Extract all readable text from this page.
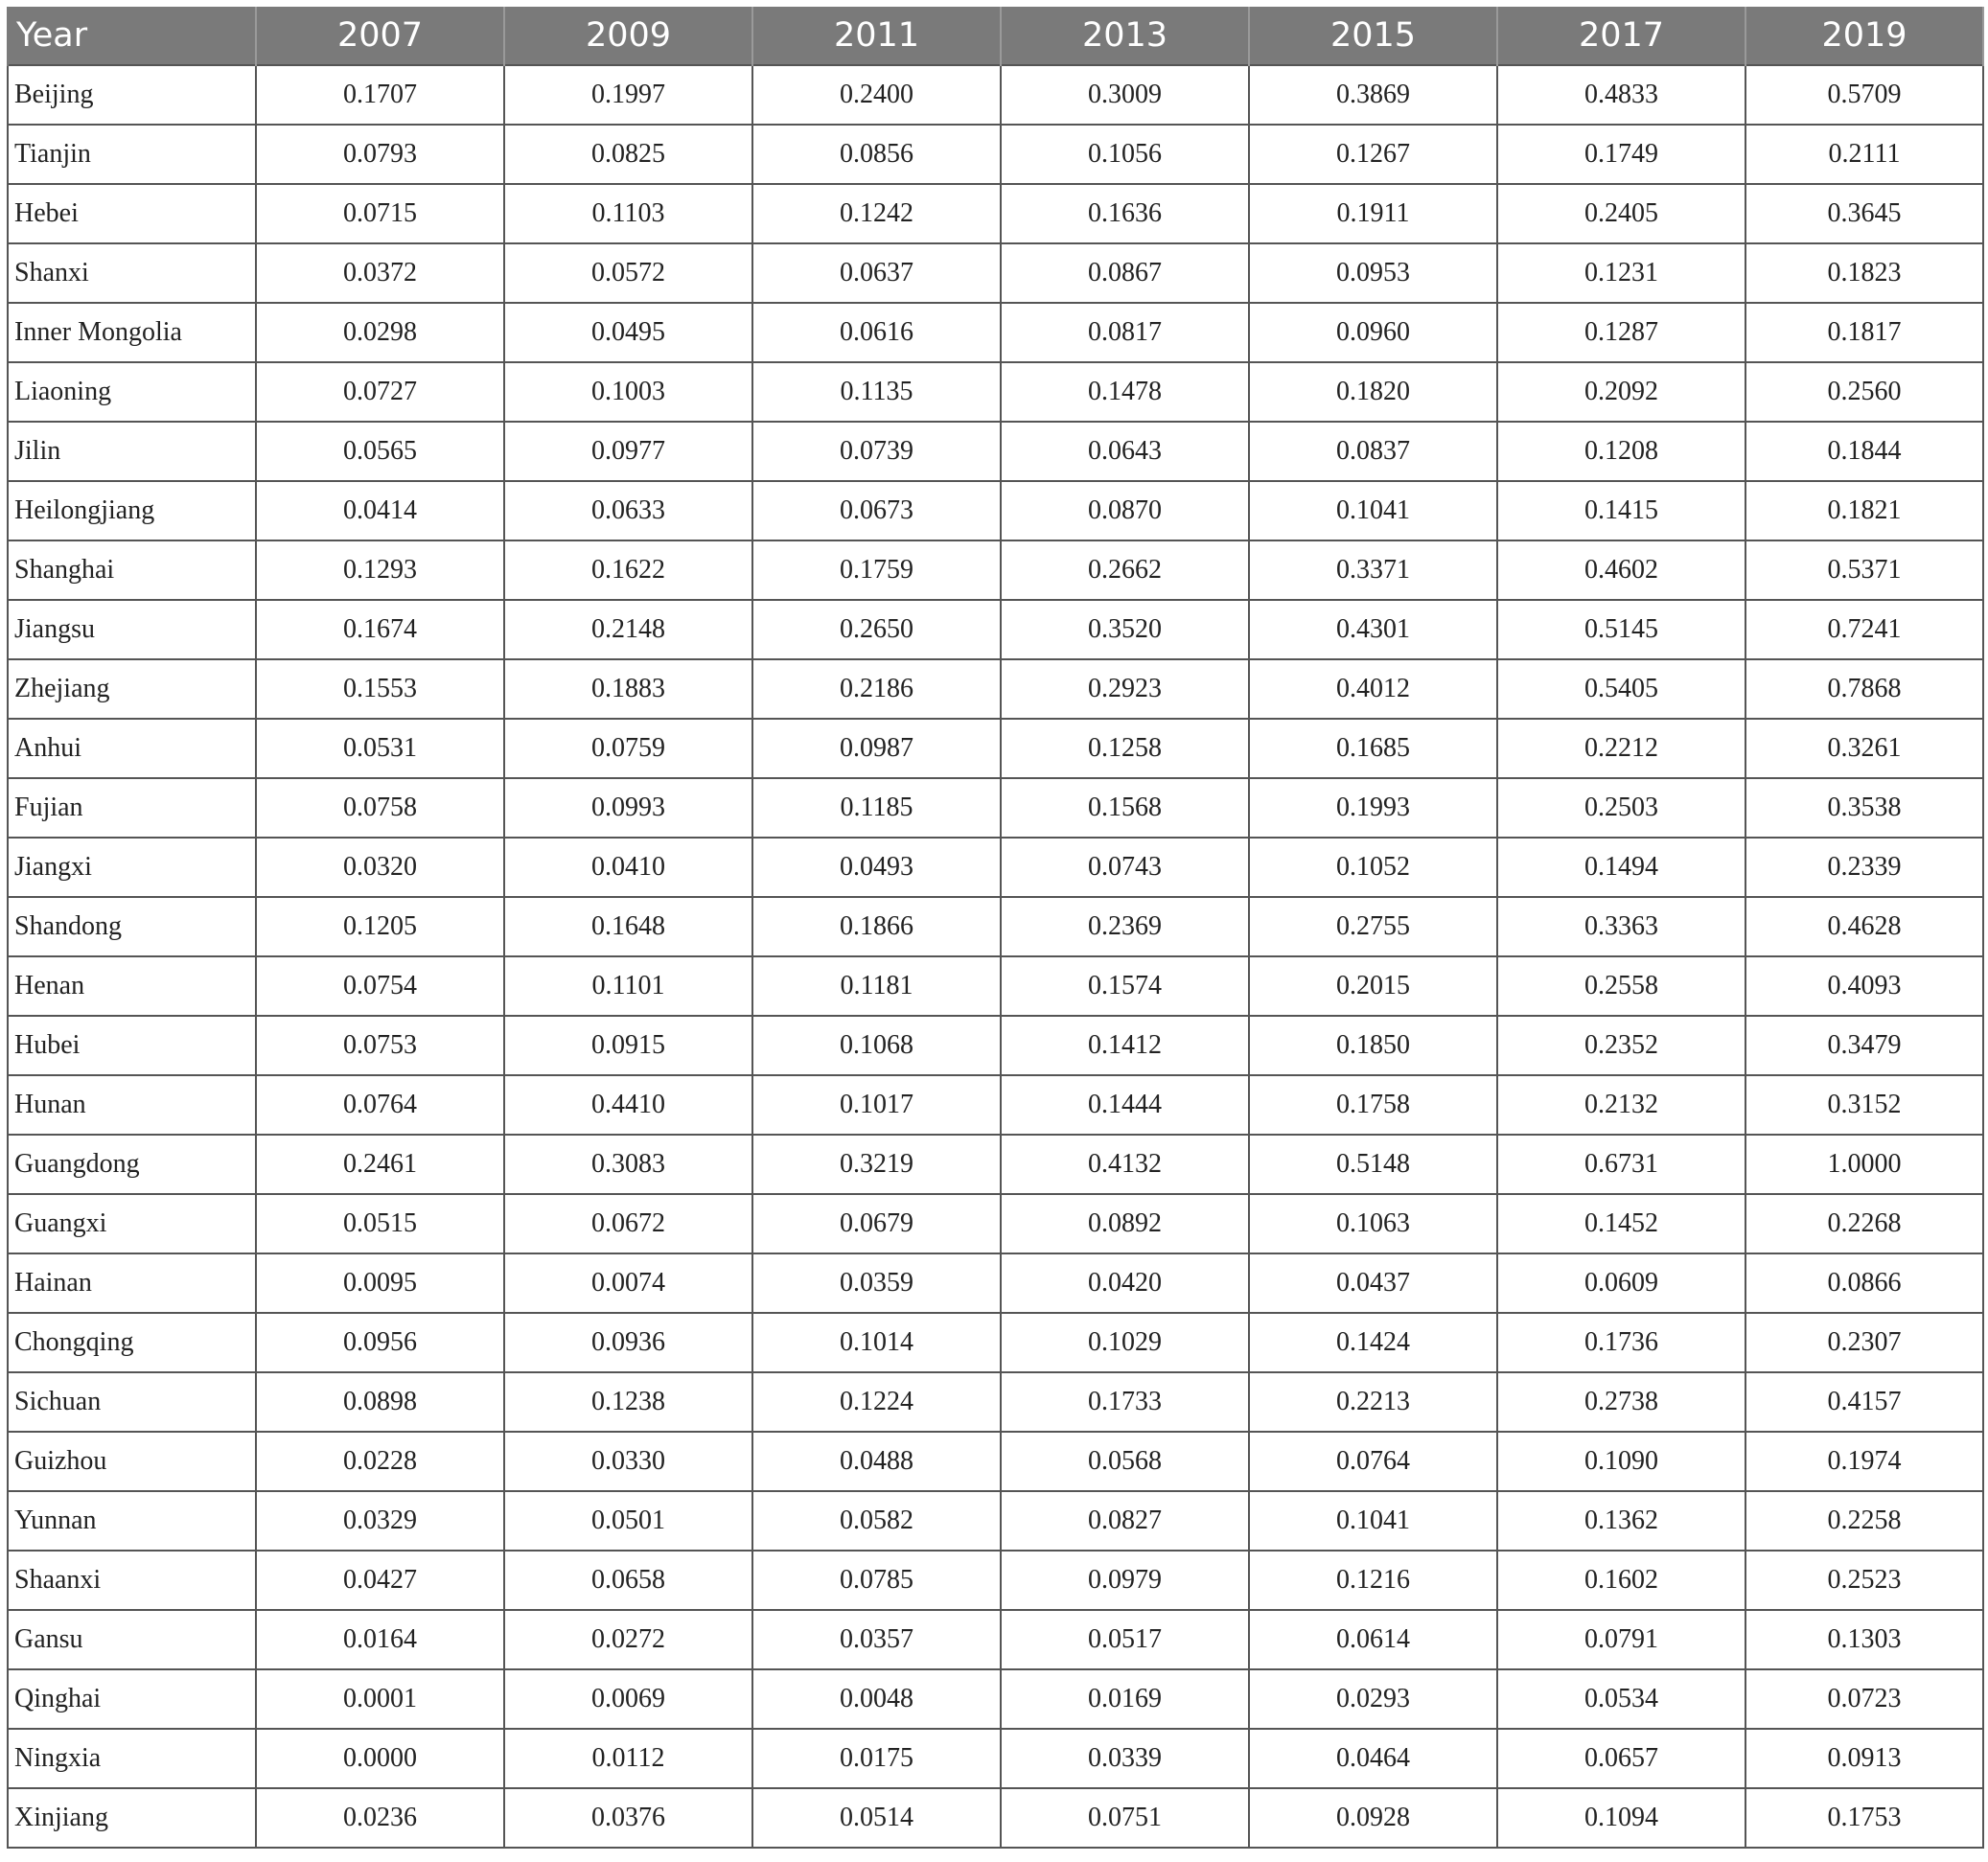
Year	2007	2009	2011	2013	2015	2017	2019
Beijing	0.1707	0.1997	0.2400	0.3009	0.3869	0.4833	0.5709
Tianjin	0.0793	0.0825	0.0856	0.1056	0.1267	0.1749	0.2111
Hebei	0.0715	0.1103	0.1242	0.1636	0.1911	0.2405	0.3645
Shanxi	0.0372	0.0572	0.0637	0.0867	0.0953	0.1231	0.1823
Inner Mongolia	0.0298	0.0495	0.0616	0.0817	0.0960	0.1287	0.1817
Liaoning	0.0727	0.1003	0.1135	0.1478	0.1820	0.2092	0.2560
Jilin	0.0565	0.0977	0.0739	0.0643	0.0837	0.1208	0.1844
Heilongjiang	0.0414	0.0633	0.0673	0.0870	0.1041	0.1415	0.1821
Shanghai	0.1293	0.1622	0.1759	0.2662	0.3371	0.4602	0.5371
Jiangsu	0.1674	0.2148	0.2650	0.3520	0.4301	0.5145	0.7241
Zhejiang	0.1553	0.1883	0.2186	0.2923	0.4012	0.5405	0.7868
Anhui	0.0531	0.0759	0.0987	0.1258	0.1685	0.2212	0.3261
Fujian	0.0758	0.0993	0.1185	0.1568	0.1993	0.2503	0.3538
Jiangxi	0.0320	0.0410	0.0493	0.0743	0.1052	0.1494	0.2339
Shandong	0.1205	0.1648	0.1866	0.2369	0.2755	0.3363	0.4628
Henan	0.0754	0.1101	0.1181	0.1574	0.2015	0.2558	0.4093
Hubei	0.0753	0.0915	0.1068	0.1412	0.1850	0.2352	0.3479
Hunan	0.0764	0.4410	0.1017	0.1444	0.1758	0.2132	0.3152
Guangdong	0.2461	0.3083	0.3219	0.4132	0.5148	0.6731	1.0000
Guangxi	0.0515	0.0672	0.0679	0.0892	0.1063	0.1452	0.2268
Hainan	0.0095	0.0074	0.0359	0.0420	0.0437	0.0609	0.0866
Chongqing	0.0956	0.0936	0.1014	0.1029	0.1424	0.1736	0.2307
Sichuan	0.0898	0.1238	0.1224	0.1733	0.2213	0.2738	0.4157
Guizhou	0.0228	0.0330	0.0488	0.0568	0.0764	0.1090	0.1974
Yunnan	0.0329	0.0501	0.0582	0.0827	0.1041	0.1362	0.2258
Shaanxi	0.0427	0.0658	0.0785	0.0979	0.1216	0.1602	0.2523
Gansu	0.0164	0.0272	0.0357	0.0517	0.0614	0.0791	0.1303
Qinghai	0.0001	0.0069	0.0048	0.0169	0.0293	0.0534	0.0723
Ningxia	0.0000	0.0112	0.0175	0.0339	0.0464	0.0657	0.0913
Xinjiang	0.0236	0.0376	0.0514	0.0751	0.0928	0.1094	0.1753
